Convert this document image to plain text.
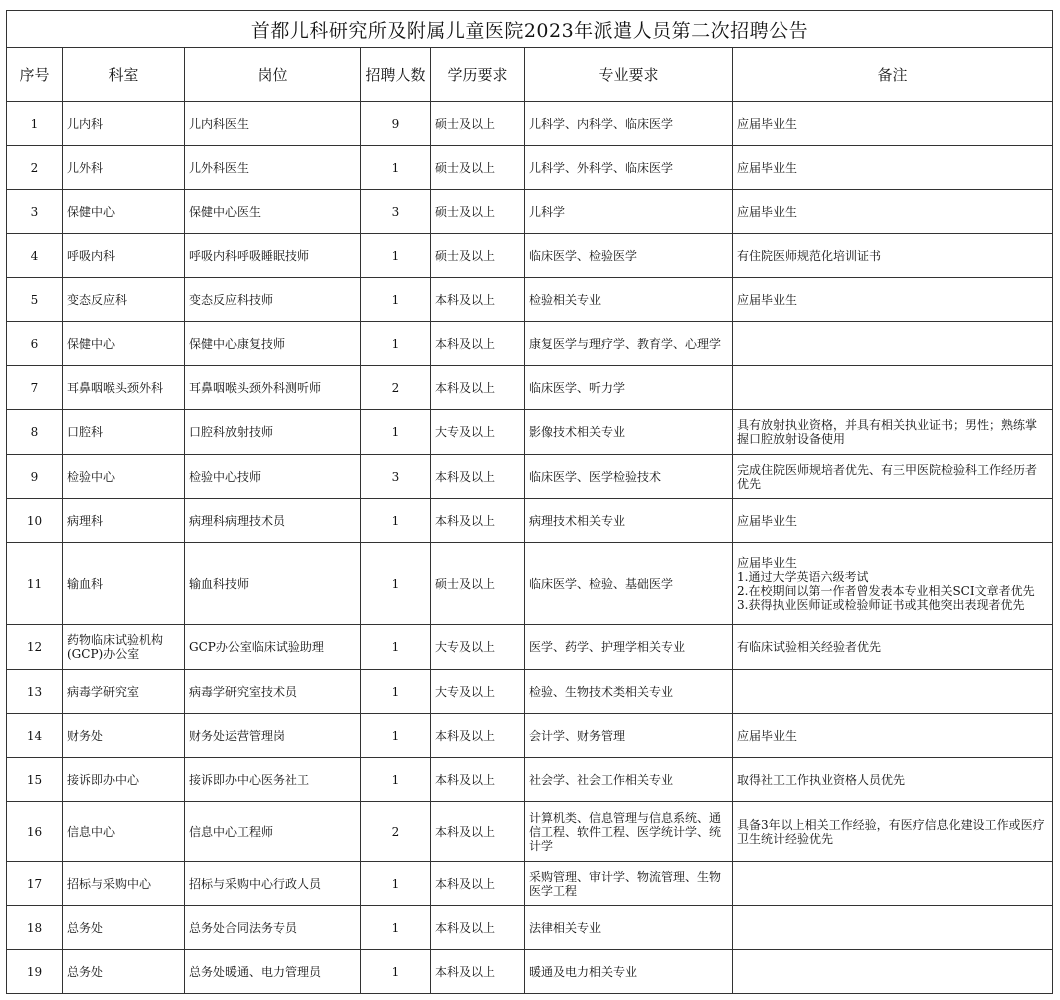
首都儿科研究所及附属儿童医院2023年派遣人员第二次招聘公告						
序号	科室	岗位	招聘人数	学历要求	专业要求	备注
1	儿内科	儿内科医生	9	硕士及以上	儿科学、内科学、临床医学	应届毕业生

2	儿外科	儿外科医生	1	硕士及以上	儿科学、外科学、临床医学	应届毕业生

3	保健中心	保健中心医生	3	硕士及以上	儿科学	应届毕业生

4	呼吸内科	呼吸内科呼吸睡眠技师	1	硕士及以上	临床医学、检验医学	有住院医师规范化培训证书

5	变态反应科	变态反应科技师	1	本科及以上	检验相关专业	应届毕业生

6	保健中心	保健中心康复技师	1	本科及以上	康复医学与理疗学、教育学、心理学	
7	耳鼻咽喉头颈外科	耳鼻咽喉头颈外科测听师	2	本科及以上	临床医学、听力学	
8	口腔科	口腔科放射技师	1	大专及以上	影像技术相关专业	具有放射执业资格，并具有相关执业证书；男性；熟练掌握口腔放射设备使用

9	检验中心	检验中心技师	3	本科及以上	临床医学、医学检验技术	完成住院医师规培者优先、有三甲医院检验科工作经历者优先

10	病理科	病理科病理技术员	1	本科及以上	病理技术相关专业	应届毕业生

11	输血科	输血科技师	1	硕士及以上	临床医学、检验、基础医学	应届毕业生
1.通过大学英语六级考试
2.在校期间以第一作者曾发表本专业相关SCI文章者优先
3.获得执业医师证或检验师证书或其他突出表现者优先

12	药物临床试验机构(GCP)办公室	GCP办公室临床试验助理	1	大专及以上	医学、药学、护理学相关专业	有临床试验相关经验者优先

13	病毒学研究室	病毒学研究室技术员	1	大专及以上	检验、生物技术类相关专业	
14	财务处	财务处运营管理岗	1	本科及以上	会计学、财务管理	应届毕业生

15	接诉即办中心	接诉即办中心医务社工	1	本科及以上	社会学、社会工作相关专业	取得社工工作执业资格人员优先

16	信息中心	信息中心工程师	2	本科及以上	计算机类、信息管理与信息系统、通信工程、软件工程、医学统计学、统计学	具备3年以上相关工作经验，有医疗信息化建设工作或医疗卫生统计经验优先

17	招标与采购中心	招标与采购中心行政人员	1	本科及以上	采购管理、审计学、物流管理、生物医学工程	
18	总务处	总务处合同法务专员	1	本科及以上	法律相关专业	
19	总务处	总务处暖通、电力管理员	1	本科及以上	暖通及电力相关专业	
